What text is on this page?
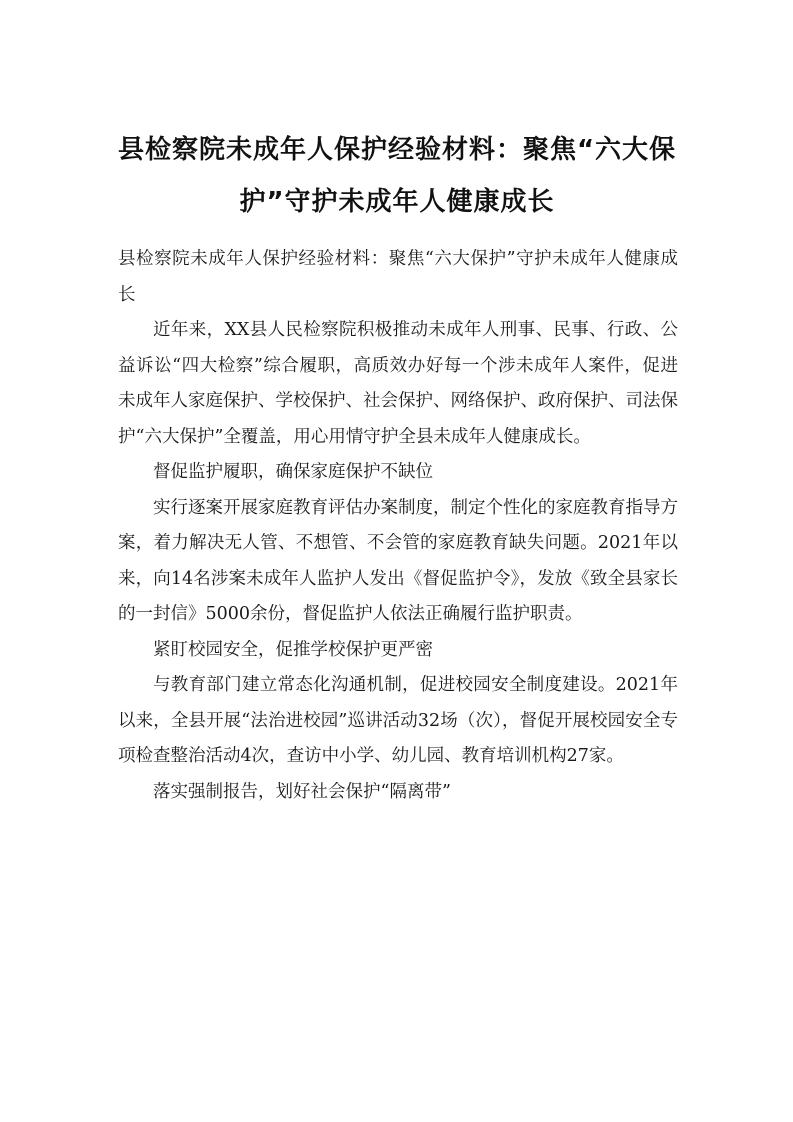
县检察院未成年人保护经验材料：聚焦“六大保护”守护未成年人健康成长

县检察院未成年人保护经验材料：聚焦“六大保护”守护未成年人健康成长

近年来，XX县人民检察院积极推动未成年人刑事、民事、行政、公益诉讼“四大检察”综合履职，高质效办好每一个涉未成年人案件，促进未成年人家庭保护、学校保护、社会保护、网络保护、政府保护、司法保护“六大保护”全覆盖，用心用情守护全县未成年人健康成长。

督促监护履职，确保家庭保护不缺位

实行逐案开展家庭教育评估办案制度，制定个性化的家庭教育指导方案，着力解决无人管、不想管、不会管的家庭教育缺失问题。2021年以来，向14名涉案未成年人监护人发出《督促监护令》，发放《致全县家长的一封信》5000余份，督促监护人依法正确履行监护职责。

紧盯校园安全，促推学校保护更严密

与教育部门建立常态化沟通机制，促进校园安全制度建设。2021年以来，全县开展“法治进校园”巡讲活动32场（次），督促开展校园安全专项检查整治活动4次，查访中小学、幼儿园、教育培训机构27家。

落实强制报告，划好社会保护“隔离带”
